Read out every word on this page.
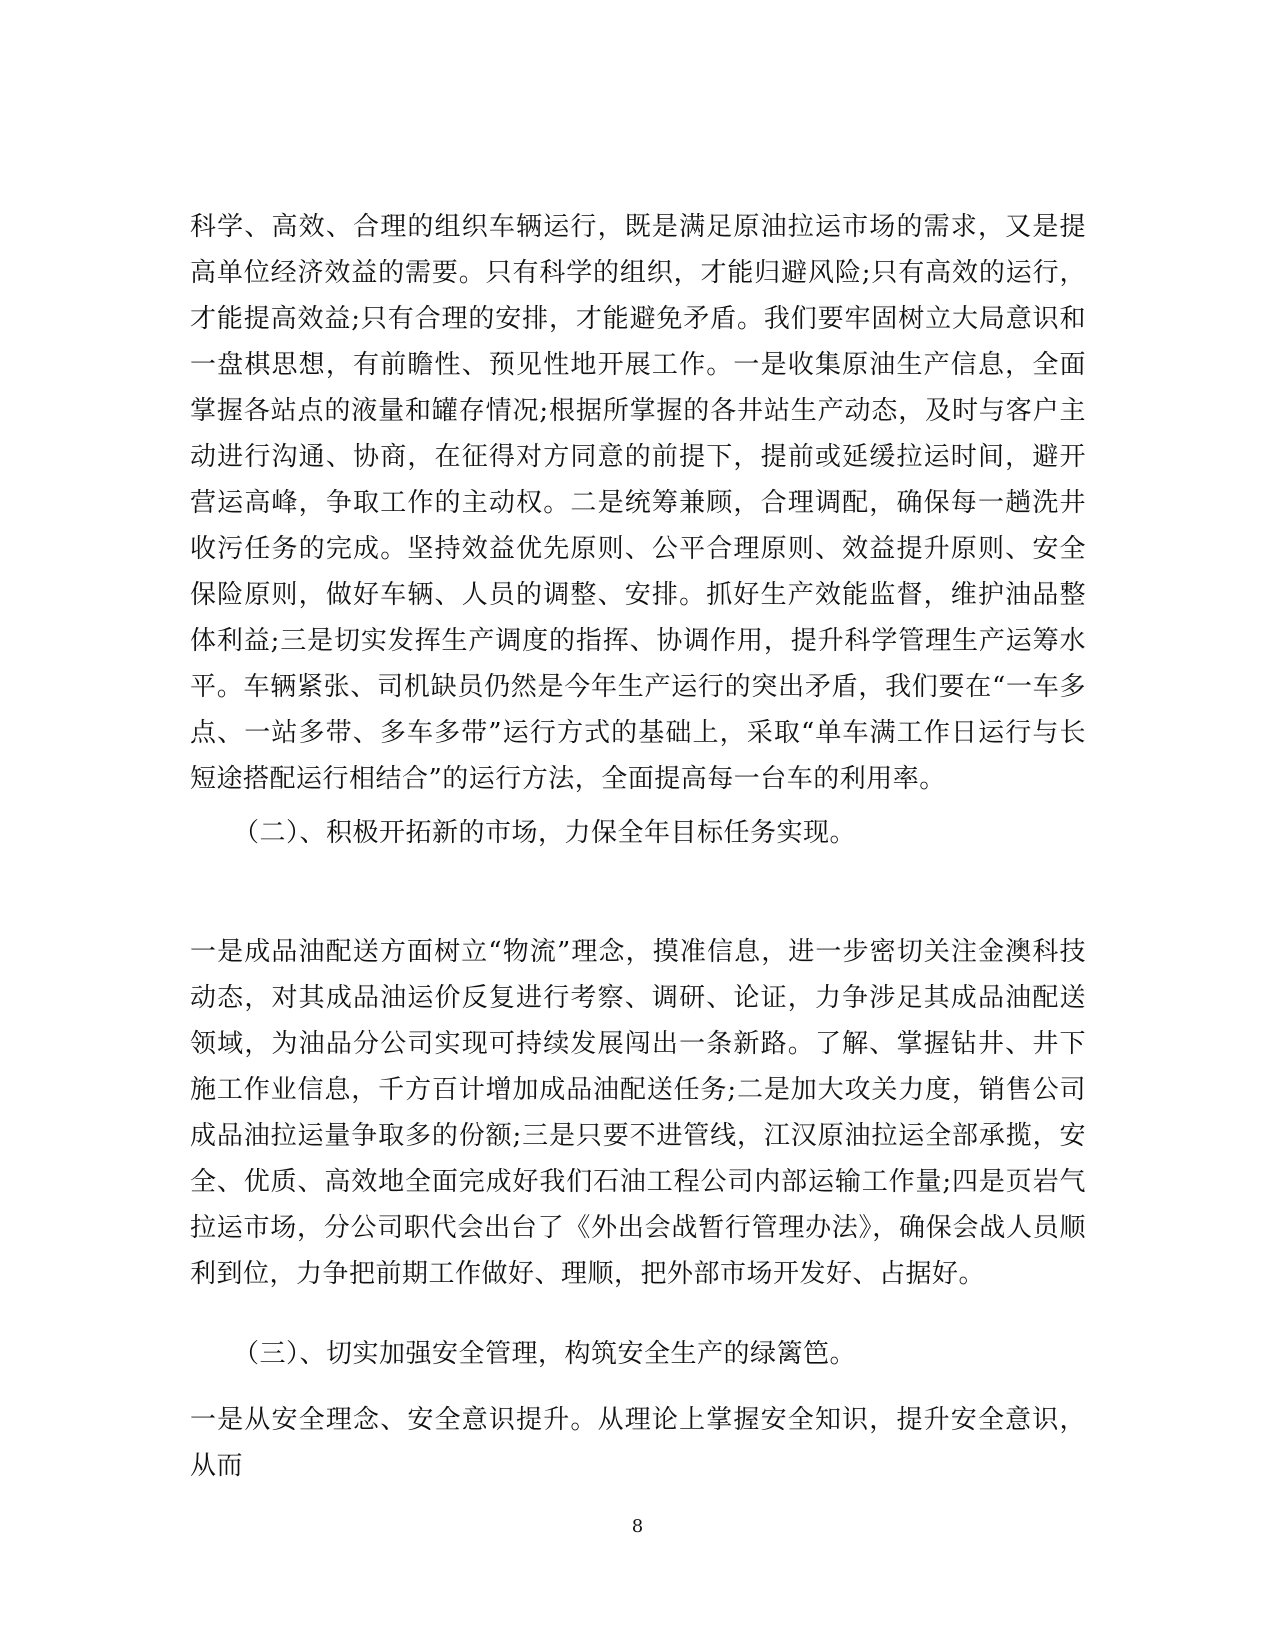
科学、高效、合理的组织车辆运行，既是满足原油拉运市场的需求，又是提高单位经济效益的需要。只有科学的组织，才能归避风险;只有高效的运行，才能提高效益;只有合理的安排，才能避免矛盾。我们要牢固树立大局意识和一盘棋思想，有前瞻性、预见性地开展工作。一是收集原油生产信息，全面掌握各站点的液量和罐存情况;根据所掌握的各井站生产动态，及时与客户主动进行沟通、协商，在征得对方同意的前提下，提前或延缓拉运时间，避开营运高峰，争取工作的主动权。二是统筹兼顾，合理调配，确保每一趟洗井收污任务的完成。坚持效益优先原则、公平合理原则、效益提升原则、安全保险原则，做好车辆、人员的调整、安排。抓好生产效能监督，维护油品整体利益;三是切实发挥生产调度的指挥、协调作用，提升科学管理生产运筹水平。车辆紧张、司机缺员仍然是今年生产运行的突出矛盾，我们要在“一车多点、一站多带、多车多带”运行方式的基础上，采取“单车满工作日运行与长短途搭配运行相结合”的运行方法，全面提高每一台车的利用率。

（二）、积极开拓新的市场，力保全年目标任务实现。

一是成品油配送方面树立“物流”理念，摸准信息，进一步密切关注金澳科技动态，对其成品油运价反复进行考察、调研、论证，力争涉足其成品油配送领域，为油品分公司实现可持续发展闯出一条新路。了解、掌握钻井、井下施工作业信息，千方百计增加成品油配送任务;二是加大攻关力度，销售公司成品油拉运量争取多的份额;三是只要不进管线，江汉原油拉运全部承揽，安全、优质、高效地全面完成好我们石油工程公司内部运输工作量;四是页岩气拉运市场，分公司职代会出台了《外出会战暂行管理办法》，确保会战人员顺利到位，力争把前期工作做好、理顺，把外部市场开发好、占据好。

（三）、切实加强安全管理，构筑安全生产的绿篱笆。

一是从安全理念、安全意识提升。从理论上掌握安全知识，提升安全意识，从而

8
